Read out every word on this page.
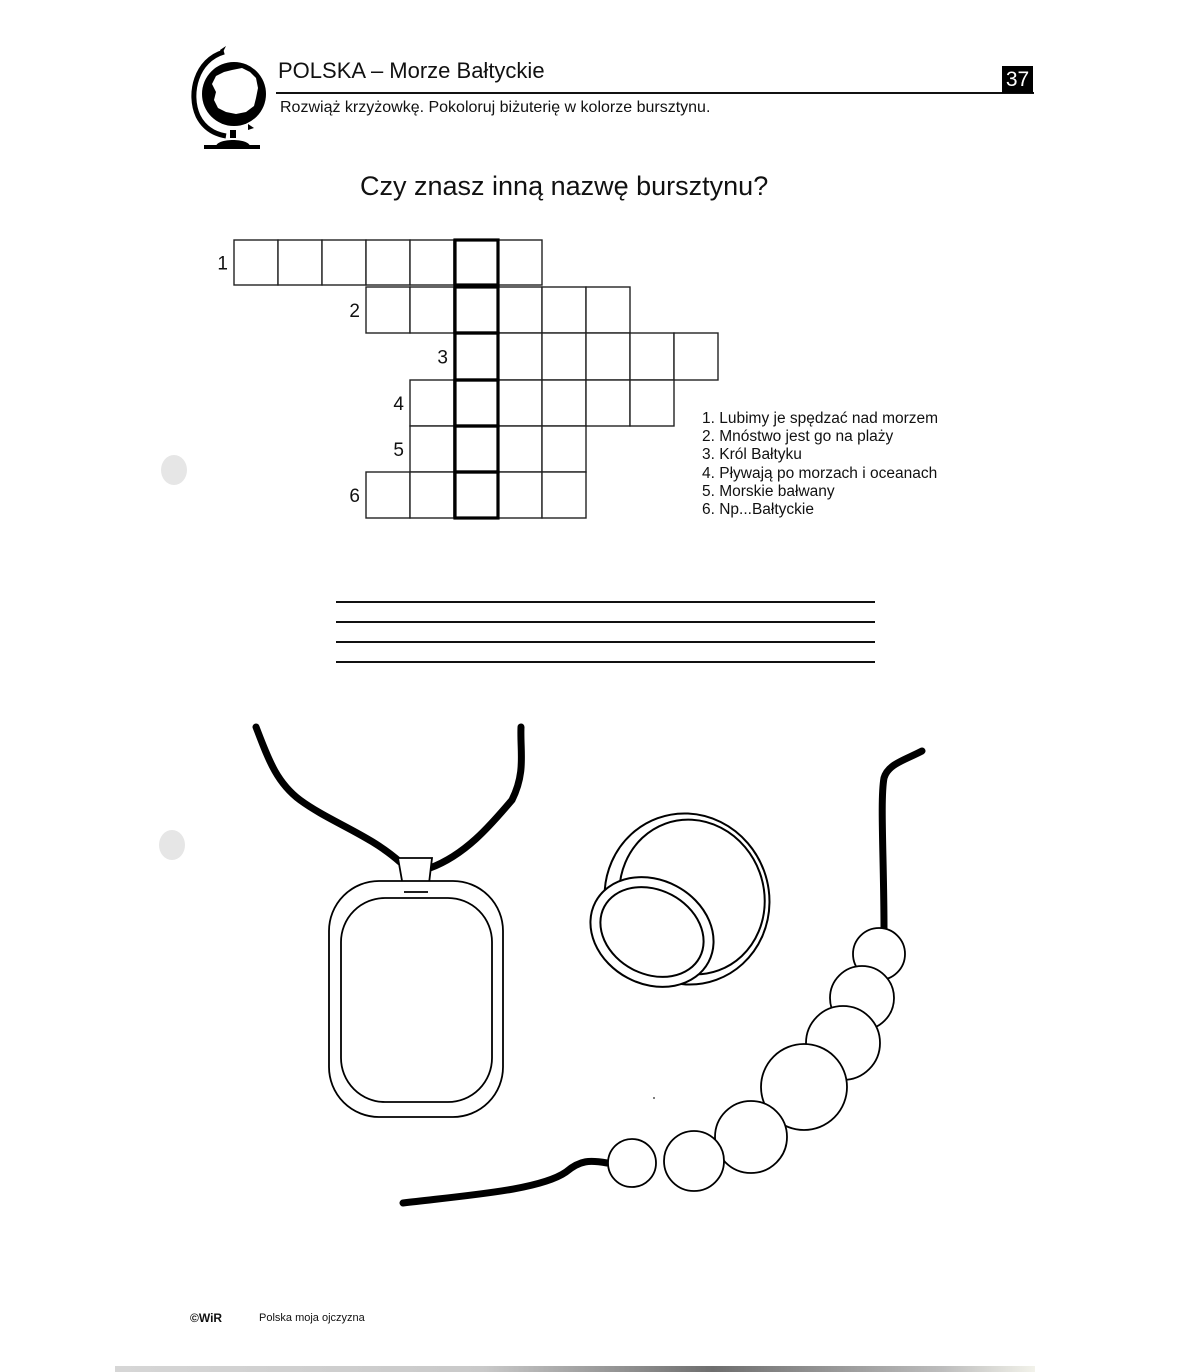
POLSKA – Morze Bałtyckie	37
Rozwiąż krzyżowkę. Pokoloruj biżuterię w kolorze bursztynu.
Czy znasz inną nazwę bursztynu?
1
2
3
4
5
6
1. Lubimy je spędzać nad morzem
2. Mnóstwo jest go na plaży
3. Król Bałtyku
4. Pływają po morzach i oceanach
5. Morskie bałwany
6. Np...Bałtyckie
©WiR	Polska moja ojczyzna
